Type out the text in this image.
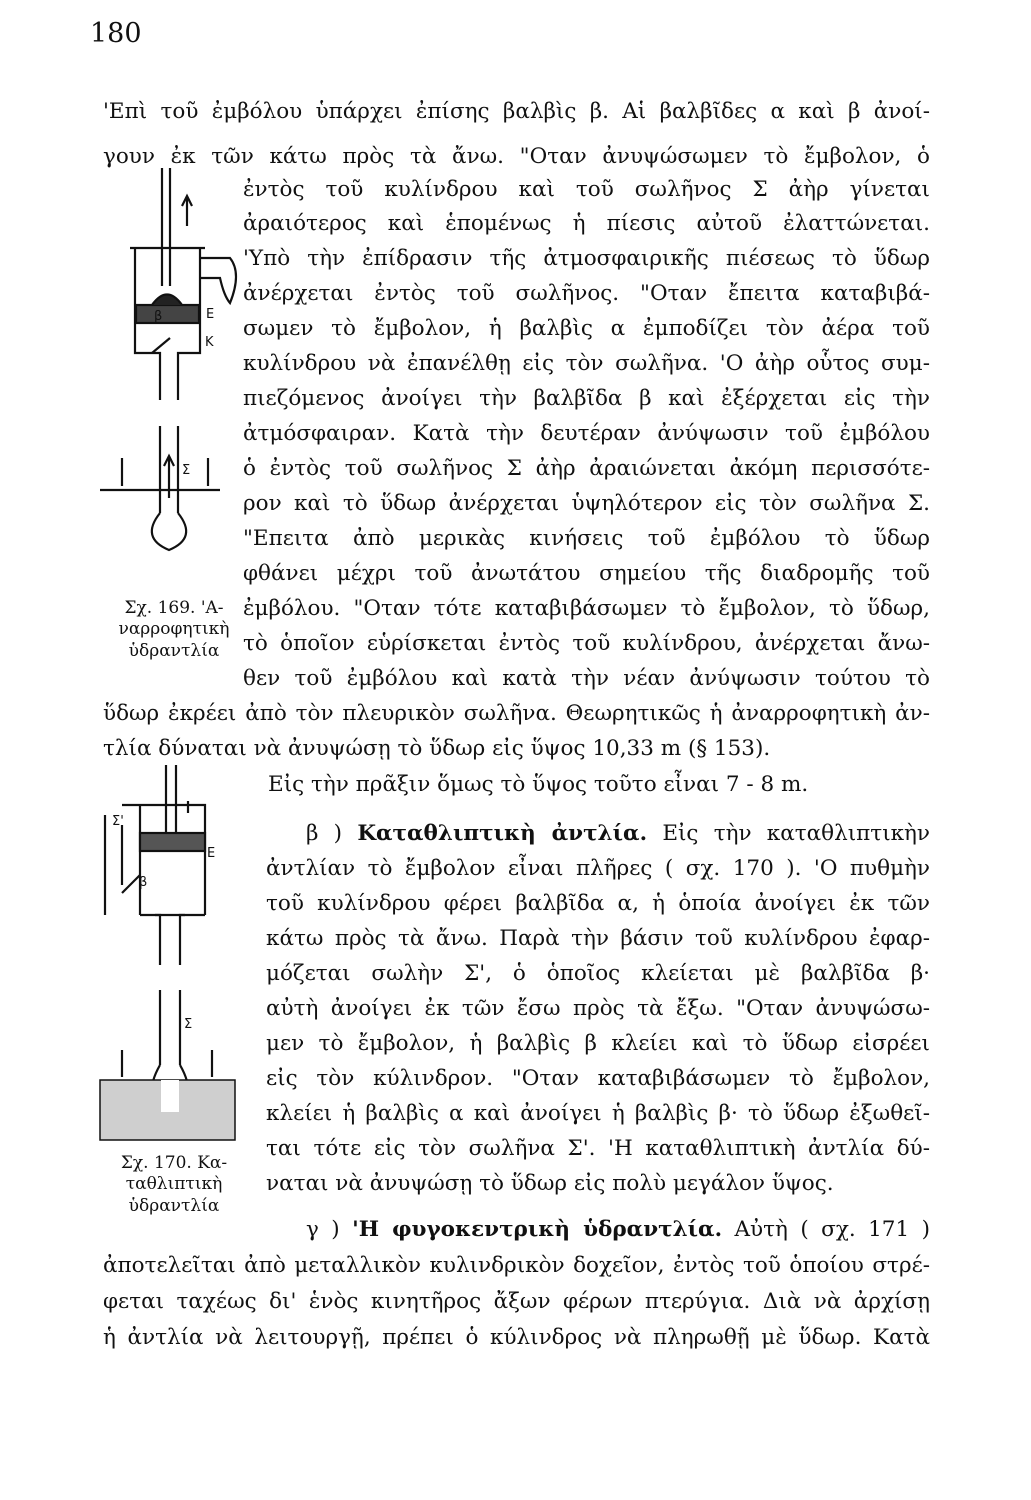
180
'Επὶ τοῦ ἐμβόλου ὑπάρχει ἐπίσης βαλβὶς β. Αἱ βαλβῖδες α καὶ β ἀνοί-
γουν ἐκ τῶν κάτω πρὸς τὰ ἄνω. "Οταν ἀνυψώσωμεν τὸ ἔμβολον, ὁ
ἐντὸς τοῦ κυλίνδρου καὶ τοῦ σωλῆνος Σ ἀὴρ γίνεται
ἀραιότερος καὶ ἑπομένως ἡ πίεσις αὐτοῦ ἐλαττώνεται.
'Υπὸ τὴν ἐπίδρασιν τῆς ἀτμοσφαιρικῆς πιέσεως τὸ ὕδωρ
ἀνέρχεται ἐντὸς τοῦ σωλῆνος. "Οταν ἔπειτα καταβιβά-
σωμεν τὸ ἔμβολον, ἡ βαλβὶς α ἐμποδίζει τὸν ἀέρα τοῦ
κυλίνδρου νὰ ἐπανέλθῃ εἰς τὸν σωλῆνα. 'Ο ἀὴρ οὗτος συμ-
πιεζόμενος ἀνοίγει τὴν βαλβῖδα β καὶ ἐξέρχεται εἰς τὴν
ἀτμόσφαιραν. Κατὰ τὴν δευτέραν ἀνύψωσιν τοῦ ἐμβόλου
ὁ ἐντὸς τοῦ σωλῆνος Σ ἀὴρ ἀραιώνεται ἀκόμη περισσότε-
ρον καὶ τὸ ὕδωρ ἀνέρχεται ὑψηλότερον εἰς τὸν σωλῆνα Σ.
"Επειτα ἀπὸ μερικὰς κινήσεις τοῦ ἐμβόλου τὸ ὕδωρ
φθάνει μέχρι τοῦ ἀνωτάτου σημείου τῆς διαδρομῆς τοῦ
ἐμβόλου. "Οταν τότε καταβιβάσωμεν τὸ ἔμβολον, τὸ ὕδωρ,
τὸ ὁποῖον εὑρίσκεται ἐντὸς τοῦ κυλίνδρου, ἀνέρχεται ἄνω-
θεν τοῦ ἐμβόλου καὶ κατὰ τὴν νέαν ἀνύψωσιν τούτου τὸ
ὕδωρ ἐκρέει ἀπὸ τὸν πλευρικὸν σωλῆνα. Θεωρητικῶς ἡ ἀναρροφητικὴ ἀν-
τλία δύναται νὰ ἀνυψώσῃ τὸ ὕδωρ εἰς ὕψος 10,33 m (§ 153).
Εἰς τὴν πρᾶξιν ὅμως τὸ ὕψος τοῦτο εἶναι 7 - 8 m.
β ) Καταθλιπτικὴ ἀντλία. Εἰς τὴν καταθλιπτικὴν
ἀντλίαν τὸ ἔμβολον εἶναι πλῆρες ( σχ. 170 ). 'Ο πυθμὴν
τοῦ κυλίνδρου φέρει βαλβῖδα α, ἡ ὁποία ἀνοίγει ἐκ τῶν
κάτω πρὸς τὰ ἄνω. Παρὰ τὴν βάσιν τοῦ κυλίνδρου ἐφαρ-
μόζεται σωλὴν Σ', ὁ ὁποῖος κλείεται μὲ βαλβῖδα β·
αὐτὴ ἀνοίγει ἐκ τῶν ἔσω πρὸς τὰ ἔξω. "Οταν ἀνυψώσω-
μεν τὸ ἔμβολον, ἡ βαλβὶς β κλείει καὶ τὸ ὕδωρ εἰσρέει
εἰς τὸν κύλινδρον. "Οταν καταβιβάσωμεν τὸ ἔμβολον,
κλείει ἡ βαλβὶς α καὶ ἀνοίγει ἡ βαλβὶς β· τὸ ὕδωρ ἐξωθεῖ-
ται τότε εἰς τὸν σωλῆνα Σ'. 'Η καταθλιπτικὴ ἀντλία δύ-
ναται νὰ ἀνυψώσῃ τὸ ὕδωρ εἰς πολὺ μεγάλον ὕψος.
γ ) 'Η φυγοκεντρικὴ ὑδραντλία. Αὐτὴ ( σχ. 171 )
ἀποτελεῖται ἀπὸ μεταλλικὸν κυλινδρικὸν δοχεῖον, ἐντὸς τοῦ ὁποίου στρέ-
φεται ταχέως δι' ἑνὸς κινητῆρος ἄξων φέρων πτερύγια. Διὰ νὰ ἀρχίσῃ
ἡ ἀντλία νὰ λειτουργῇ, πρέπει ὁ κύλινδρος νὰ πληρωθῇ μὲ ὕδωρ. Κατὰ
β	Ε
Κ
Σ
Σχ. 169. 'Α-
ναρροφητικὴ
ὑδραντλία
Σ'
β
Ε
Σ
Σχ. 170. Κα-
ταθλιπτικὴ
ὑδραντλία
